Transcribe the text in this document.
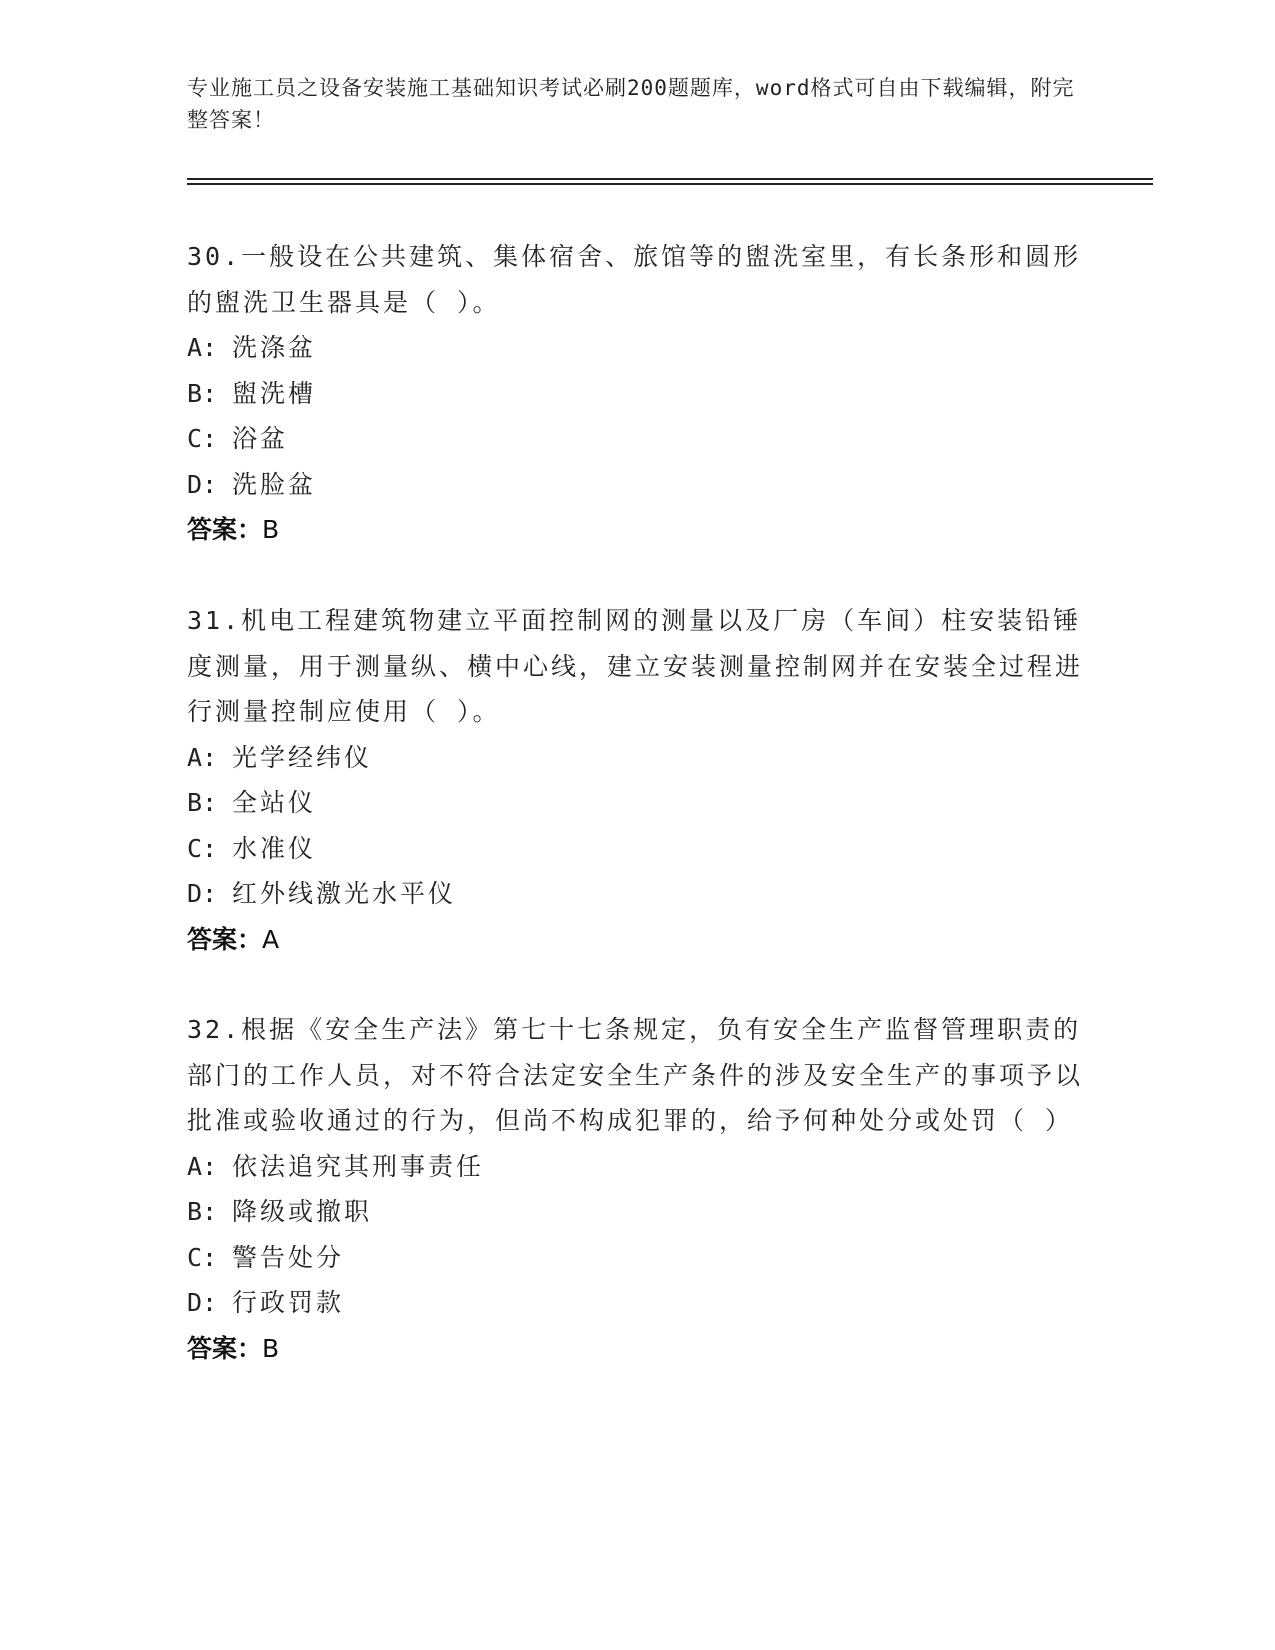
专业施工员之设备安装施工基础知识考试必刷200题题库，word格式可自由下载编辑，附完整答案！
30.一般设在公共建筑、集体宿舍、旅馆等的盥洗室里，有长条形和圆形的盥洗卫生器具是（ ）。
A: 洗涤盆
B: 盥洗槽
C: 浴盆
D: 洗脸盆
答案：B
31.机电工程建筑物建立平面控制网的测量以及厂房（车间）柱安装铅锤度测量，用于测量纵、横中心线，建立安装测量控制网并在安装全过程进行测量控制应使用（ ）。
A: 光学经纬仪
B: 全站仪
C: 水准仪
D: 红外线激光水平仪
答案：A
32.根据《安全生产法》第七十七条规定，负有安全生产监督管理职责的部门的工作人员，对不符合法定安全生产条件的涉及安全生产的事项予以批准或验收通过的行为，但尚不构成犯罪的，给予何种处分或处罚（ ）
A: 依法追究其刑事责任
B: 降级或撤职
C: 警告处分
D: 行政罚款
答案：B
